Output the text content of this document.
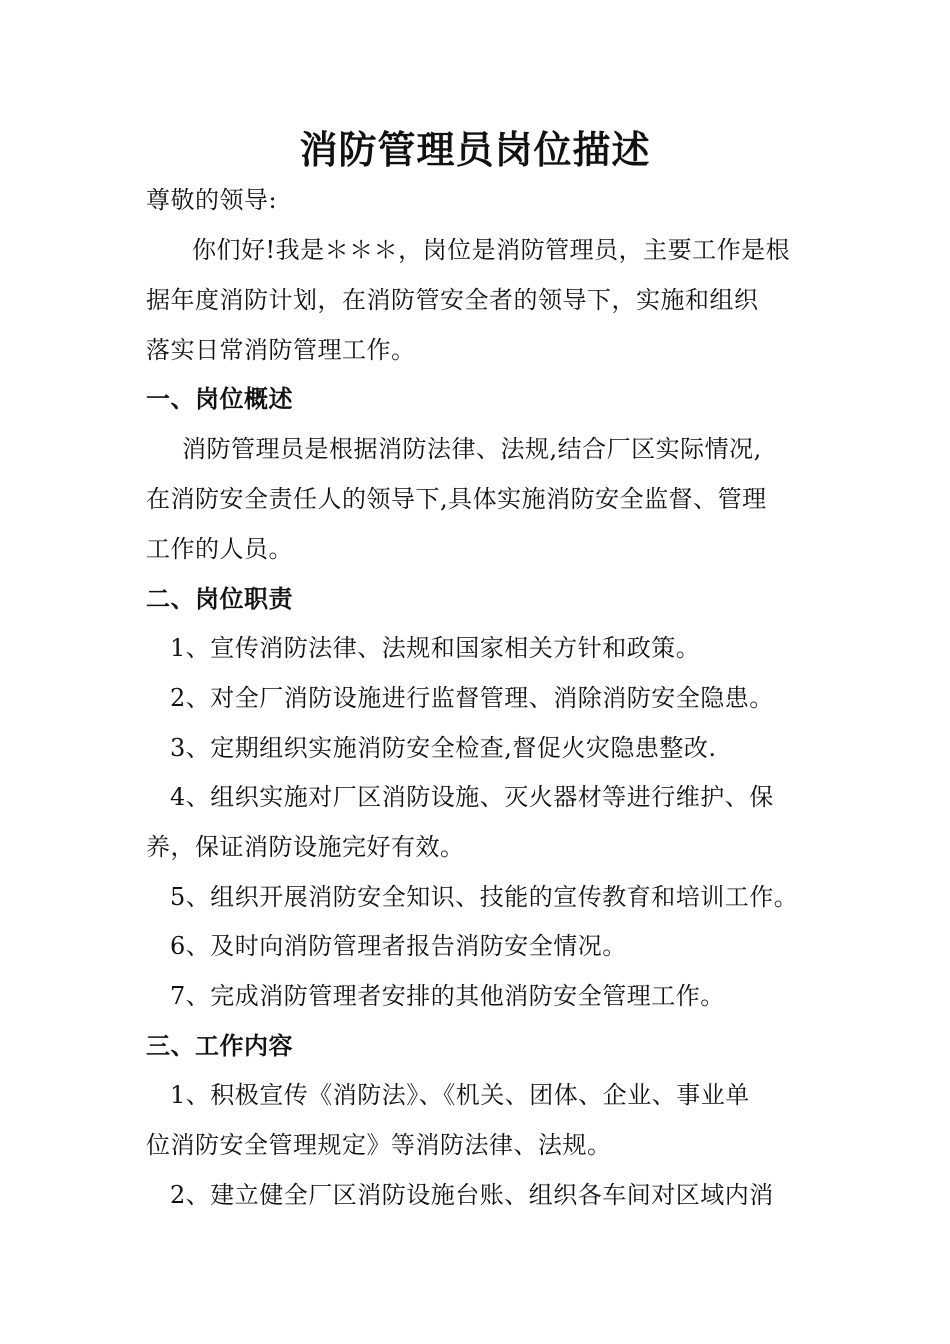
消防管理员岗位描述
尊敬的领导:
你们好!我是＊＊＊，岗位是消防管理员，主要工作是根
据年度消防计划，在消防管安全者的领导下，实施和组织
落实日常消防管理工作。
一、岗位概述
消防管理员是根据消防法律、法规,结合厂区实际情况,
在消防安全责任人的领导下,具体实施消防安全监督、管理
工作的人员。
二、岗位职责
1、宣传消防法律、法规和国家相关方针和政策。
2、对全厂消防设施进行监督管理、消除消防安全隐患。
3、定期组织实施消防安全检查,督促火灾隐患整改.
4、组织实施对厂区消防设施、灭火器材等进行维护、保
养，保证消防设施完好有效。
5、组织开展消防安全知识、技能的宣传教育和培训工作。
6、及时向消防管理者报告消防安全情况。
7、完成消防管理者安排的其他消防安全管理工作。
三、工作内容
1、积极宣传《消防法》、《机关、团体、企业、事业单
位消防安全管理规定》等消防法律、法规。
2、建立健全厂区消防设施台账、组织各车间对区域内消
